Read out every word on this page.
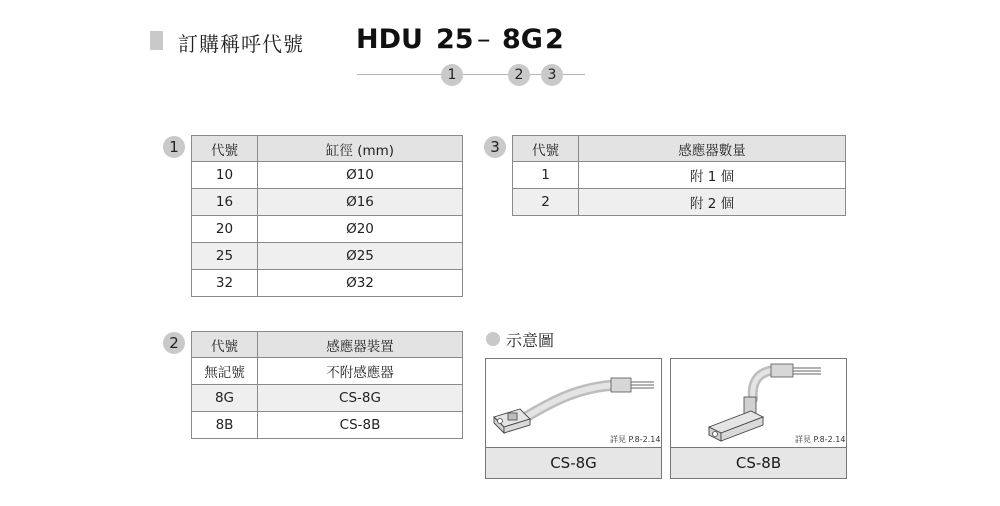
訂購稱呼代號 HDU 25 – 8G 2
1	2	3
1	代號	缸徑 (mm)
10	Ø10
16	Ø16
20	Ø20
25	Ø25
32	Ø32
3	代號	感應器數量
1	附 1 個
2	附 2 個
2	代號	感應器裝置
無記號	不附感應器
8G	CS-8G
8B	CS-8B
示意圖
詳見 P.8-2.14
CS-8G
詳見 P.8-2.14
CS-8B
